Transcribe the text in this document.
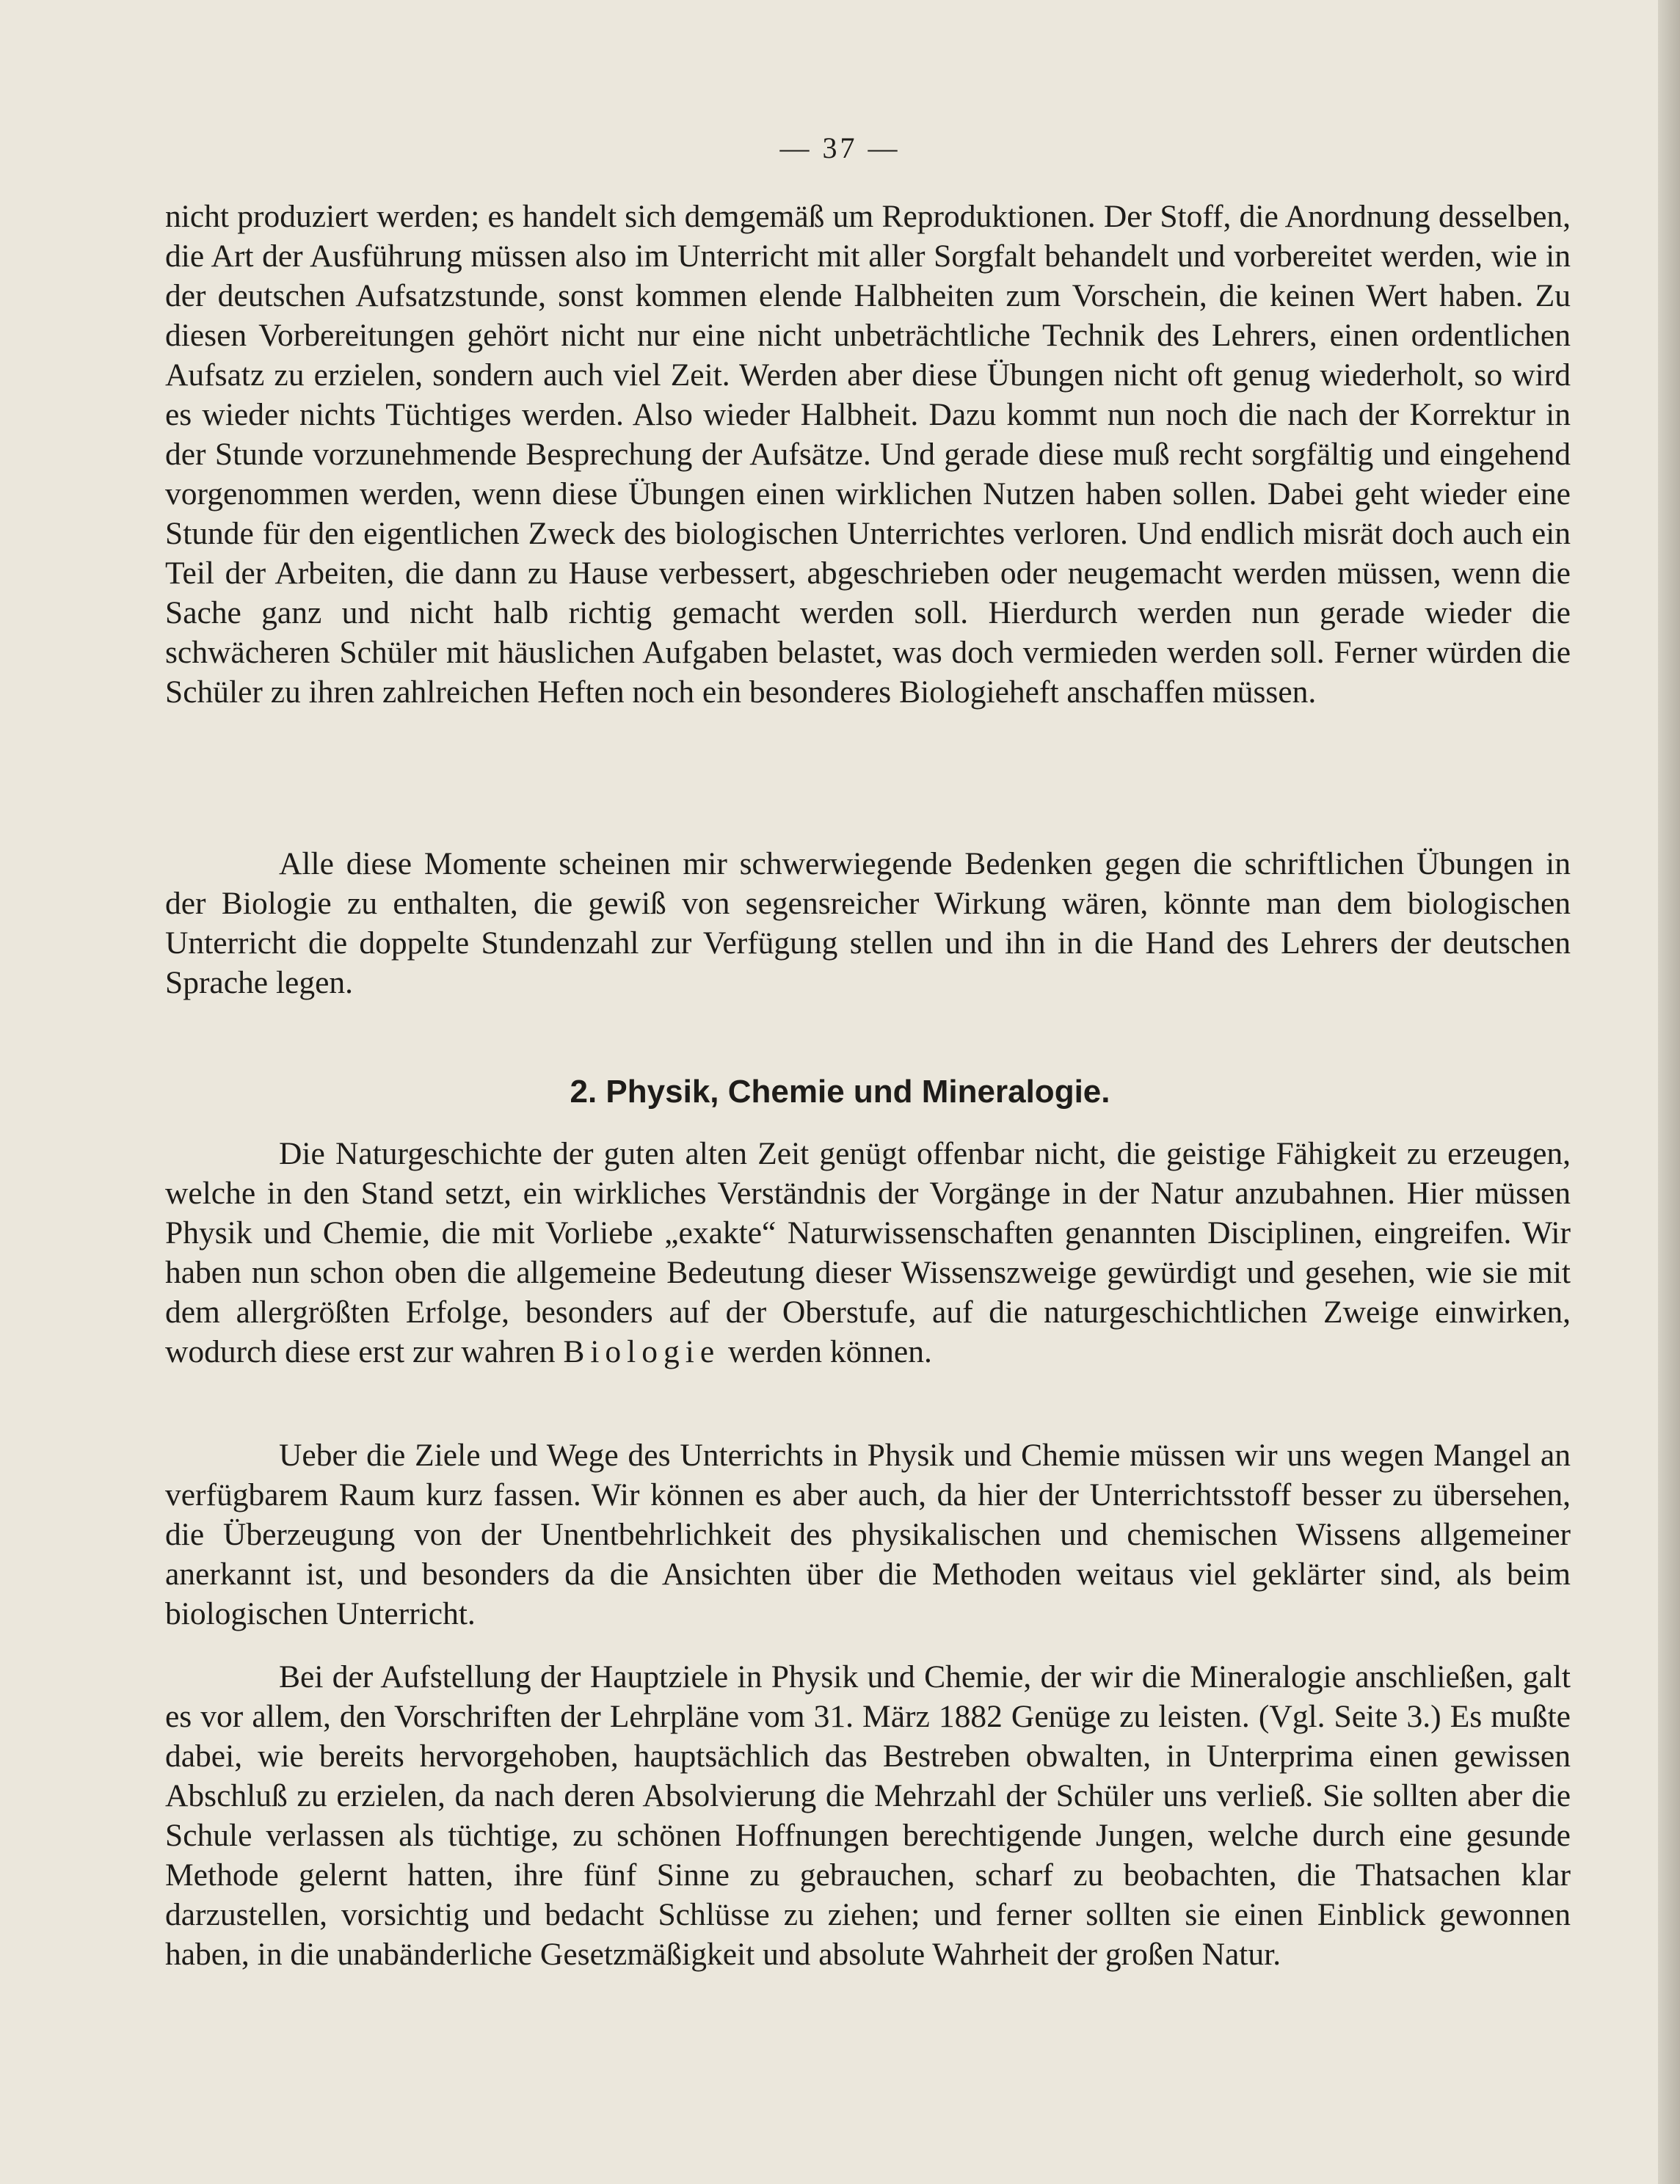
— 37 —

nicht produziert werden; es handelt sich demgemäß um Reproduktionen. Der Stoff, die Anordnung desselben, die Art der Ausführung müssen also im Unterricht mit aller Sorgfalt behandelt und vorbereitet werden, wie in der deutschen Aufsatzstunde, sonst kommen elende Halbheiten zum Vorschein, die keinen Wert haben. Zu diesen Vorbereitungen gehört nicht nur eine nicht unbeträchtliche Technik des Lehrers, einen ordentlichen Aufsatz zu erzielen, sondern auch viel Zeit. Werden aber diese Übungen nicht oft genug wiederholt, so wird es wieder nichts Tüchtiges werden. Also wieder Halbheit. Dazu kommt nun noch die nach der Korrektur in der Stunde vorzunehmende Besprechung der Aufsätze. Und gerade diese muß recht sorgfältig und eingehend vorgenommen werden, wenn diese Übungen einen wirklichen Nutzen haben sollen. Dabei geht wieder eine Stunde für den eigentlichen Zweck des biologischen Unterrichtes verloren. Und endlich misrät doch auch ein Teil der Arbeiten, die dann zu Hause verbessert, abgeschrieben oder neugemacht werden müssen, wenn die Sache ganz und nicht halb richtig gemacht werden soll. Hierdurch werden nun gerade wieder die schwächeren Schüler mit häuslichen Aufgaben belastet, was doch vermieden werden soll. Ferner würden die Schüler zu ihren zahlreichen Heften noch ein besonderes Biologieheft anschaffen müssen.

Alle diese Momente scheinen mir schwerwiegende Bedenken gegen die schriftlichen Übungen in der Biologie zu enthalten, die gewiß von segensreicher Wirkung wären, könnte man dem biologischen Unterricht die doppelte Stundenzahl zur Verfügung stellen und ihn in die Hand des Lehrers der deutschen Sprache legen.

2. Physik, Chemie und Mineralogie.

Die Naturgeschichte der guten alten Zeit genügt offenbar nicht, die geistige Fähigkeit zu erzeugen, welche in den Stand setzt, ein wirkliches Verständnis der Vorgänge in der Natur anzubahnen. Hier müssen Physik und Chemie, die mit Vorliebe „exakte“ Naturwissenschaften genannten Disciplinen, eingreifen. Wir haben nun schon oben die allgemeine Bedeutung dieser Wissenszweige gewürdigt und gesehen, wie sie mit dem allergrößten Erfolge, besonders auf der Oberstufe, auf die naturgeschichtlichen Zweige einwirken, wodurch diese erst zur wahren Biologie werden können.

Ueber die Ziele und Wege des Unterrichts in Physik und Chemie müssen wir uns wegen Mangel an verfügbarem Raum kurz fassen. Wir können es aber auch, da hier der Unterrichtsstoff besser zu übersehen, die Überzeugung von der Unentbehrlichkeit des physikalischen und chemischen Wissens allgemeiner anerkannt ist, und besonders da die Ansichten über die Methoden weitaus viel geklärter sind, als beim biologischen Unterricht.

Bei der Aufstellung der Hauptziele in Physik und Chemie, der wir die Mineralogie anschließen, galt es vor allem, den Vorschriften der Lehrpläne vom 31. März 1882 Genüge zu leisten. (Vgl. Seite 3.) Es mußte dabei, wie bereits hervorgehoben, hauptsächlich das Bestreben obwalten, in Unterprima einen gewissen Abschluß zu erzielen, da nach deren Absolvierung die Mehrzahl der Schüler uns verließ. Sie sollten aber die Schule verlassen als tüchtige, zu schönen Hoffnungen berechtigende Jungen, welche durch eine gesunde Methode gelernt hatten, ihre fünf Sinne zu gebrauchen, scharf zu beobachten, die Thatsachen klar darzustellen, vorsichtig und bedacht Schlüsse zu ziehen; und ferner sollten sie einen Einblick gewonnen haben, in die unabänderliche Gesetzmäßigkeit und absolute Wahrheit der großen Natur.
